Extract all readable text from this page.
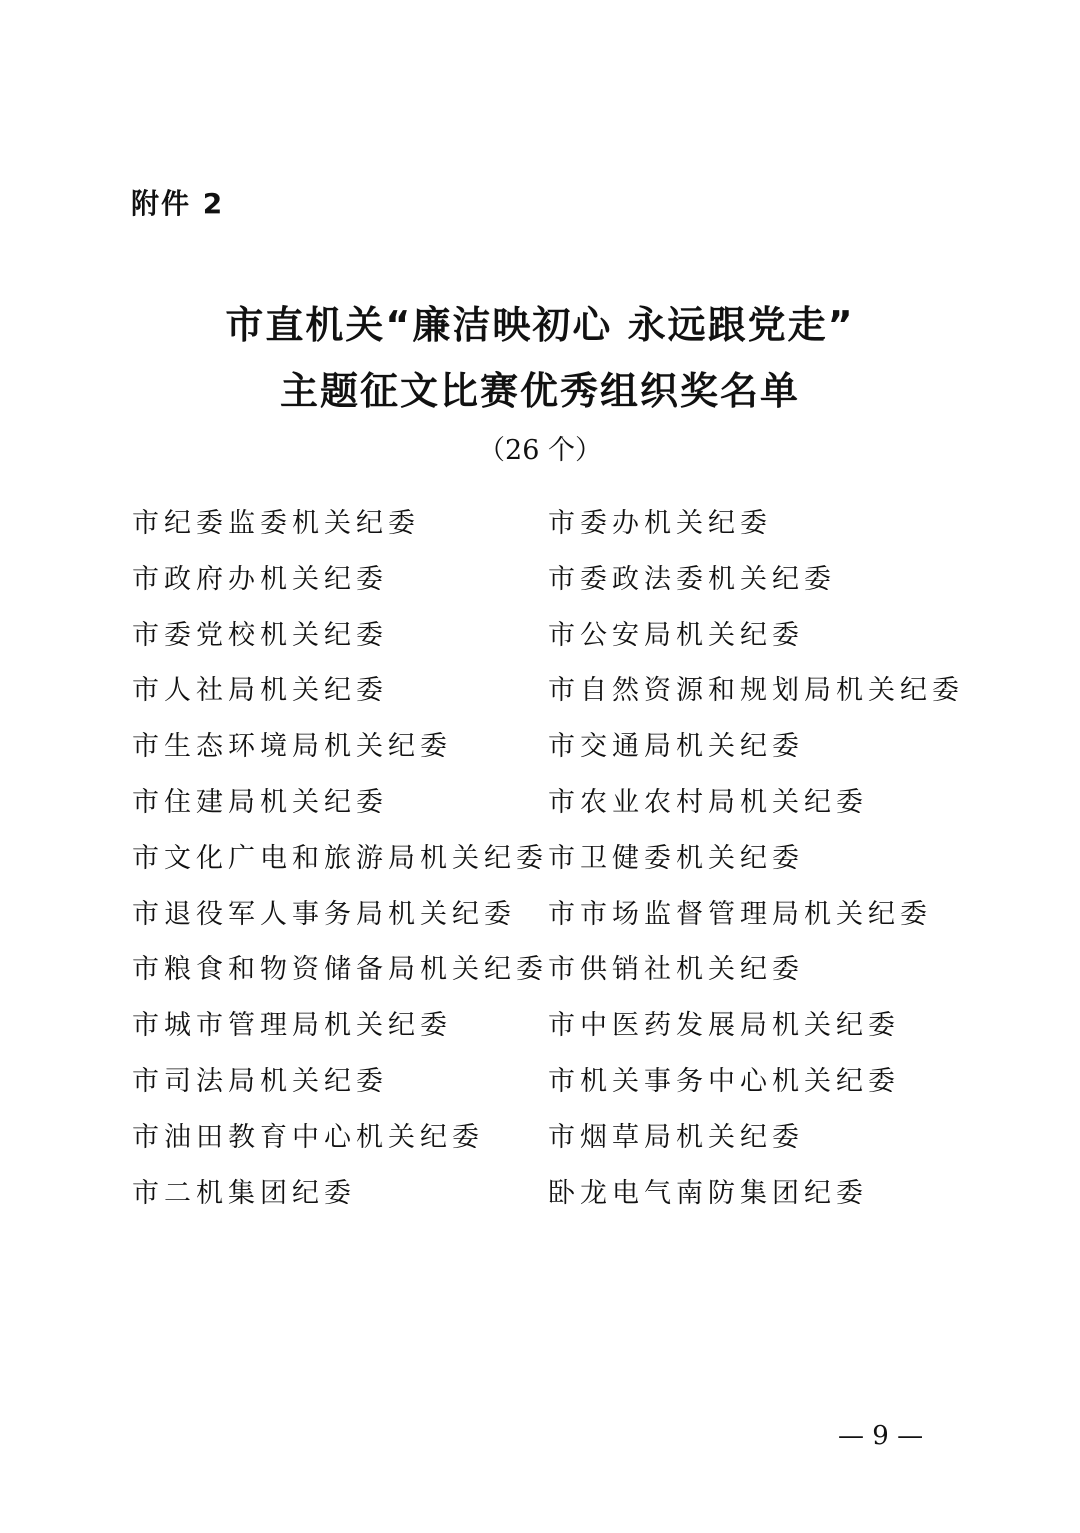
附件 2
市直机关“廉洁映初心 永远跟党走”
主题征文比赛优秀组织奖名单
（26 个）
市纪委监委机关纪委
市政府办机关纪委
市委党校机关纪委
市人社局机关纪委
市生态环境局机关纪委
市住建局机关纪委
市文化广电和旅游局机关纪委
市退役军人事务局机关纪委
市粮食和物资储备局机关纪委
市城市管理局机关纪委
市司法局机关纪委
市油田教育中心机关纪委
市二机集团纪委
市委办机关纪委
市委政法委机关纪委
市公安局机关纪委
市自然资源和规划局机关纪委
市交通局机关纪委
市农业农村局机关纪委
市卫健委机关纪委
市市场监督管理局机关纪委
市供销社机关纪委
市中医药发展局机关纪委
市机关事务中心机关纪委
市烟草局机关纪委
卧龙电气南防集团纪委
— 9 —
